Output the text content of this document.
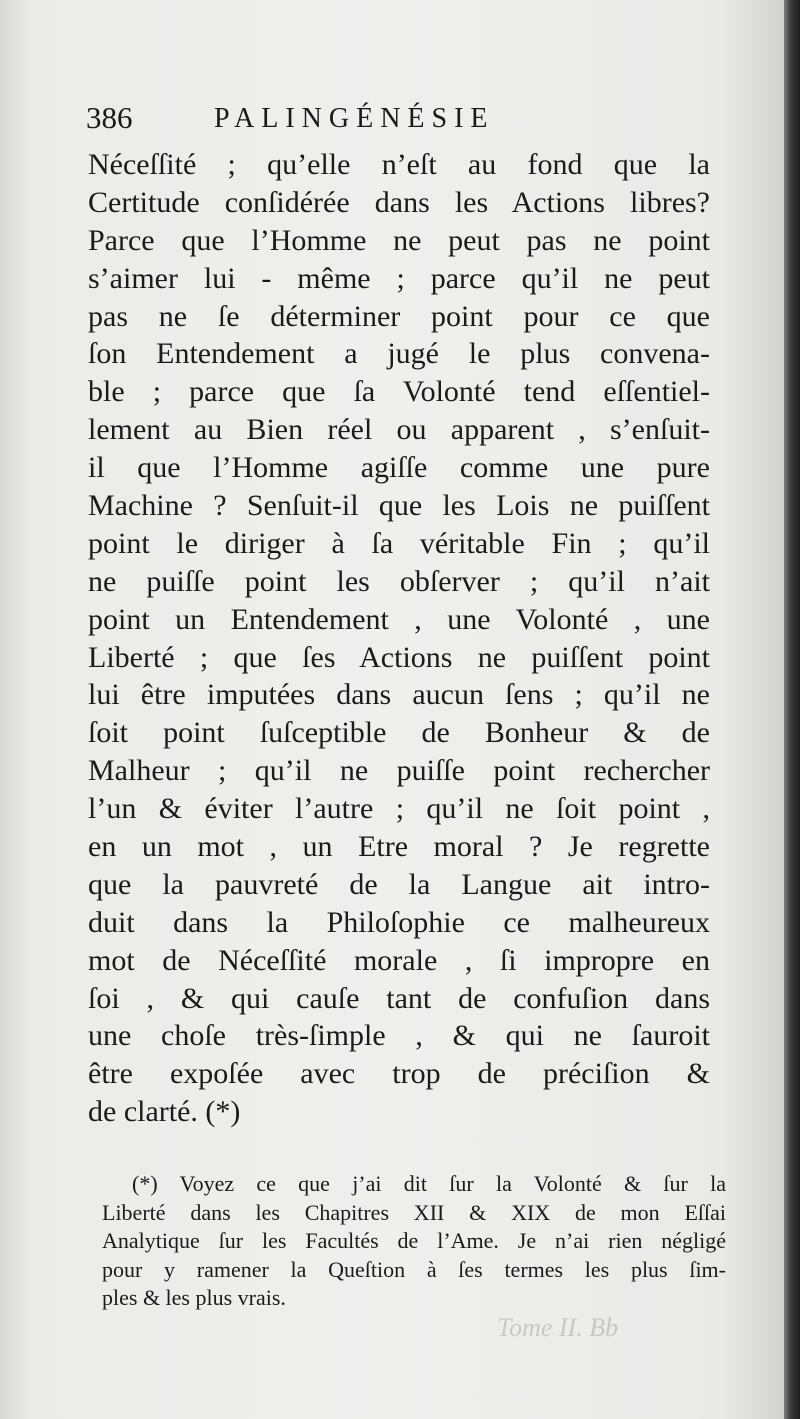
386	PALINGÉNÉSIE
Néceſſité ; qu’elle n’eſt au fond que la
Certitude conſidérée dans les Actions libres?
Parce que l’Homme ne peut pas ne point
s’aimer lui - même ; parce qu’il ne peut
pas ne ſe déterminer point pour ce que
ſon Entendement a jugé le plus convena-
ble ; parce que ſa Volonté tend eſſentiel-
lement au Bien réel ou apparent , s’enſuit-
il que l’Homme agiſſe comme une pure
Machine ? Senſuit-il que les Lois ne puiſſent
point le diriger à ſa véritable Fin ; qu’il
ne puiſſe point les obſerver ; qu’il n’ait
point un Entendement , une Volonté , une
Liberté ; que ſes Actions ne puiſſent point
lui être imputées dans aucun ſens ; qu’il ne
ſoit point ſuſceptible de Bonheur & de
Malheur ; qu’il ne puiſſe point rechercher
l’un & éviter l’autre ; qu’il ne ſoit point ,
en un mot , un Etre moral ? Je regrette
que la pauvreté de la Langue ait intro-
duit dans la Philoſophie ce malheureux
mot de Néceſſité morale , ſi impropre en
ſoi , & qui cauſe tant de confuſion dans
une choſe très-ſimple , & qui ne ſauroit
être expoſée avec trop de préciſion &
de clarté. (*)
(*) Voyez ce que j’ai dit ſur la Volonté & ſur la
Liberté dans les Chapitres XII & XIX de mon Eſſai
Analytique ſur les Facultés de l’Ame. Je n’ai rien négligé
pour y ramener la Queſtion à ſes termes les plus ſim-
ples & les plus vrais.
Tome II. Bb
